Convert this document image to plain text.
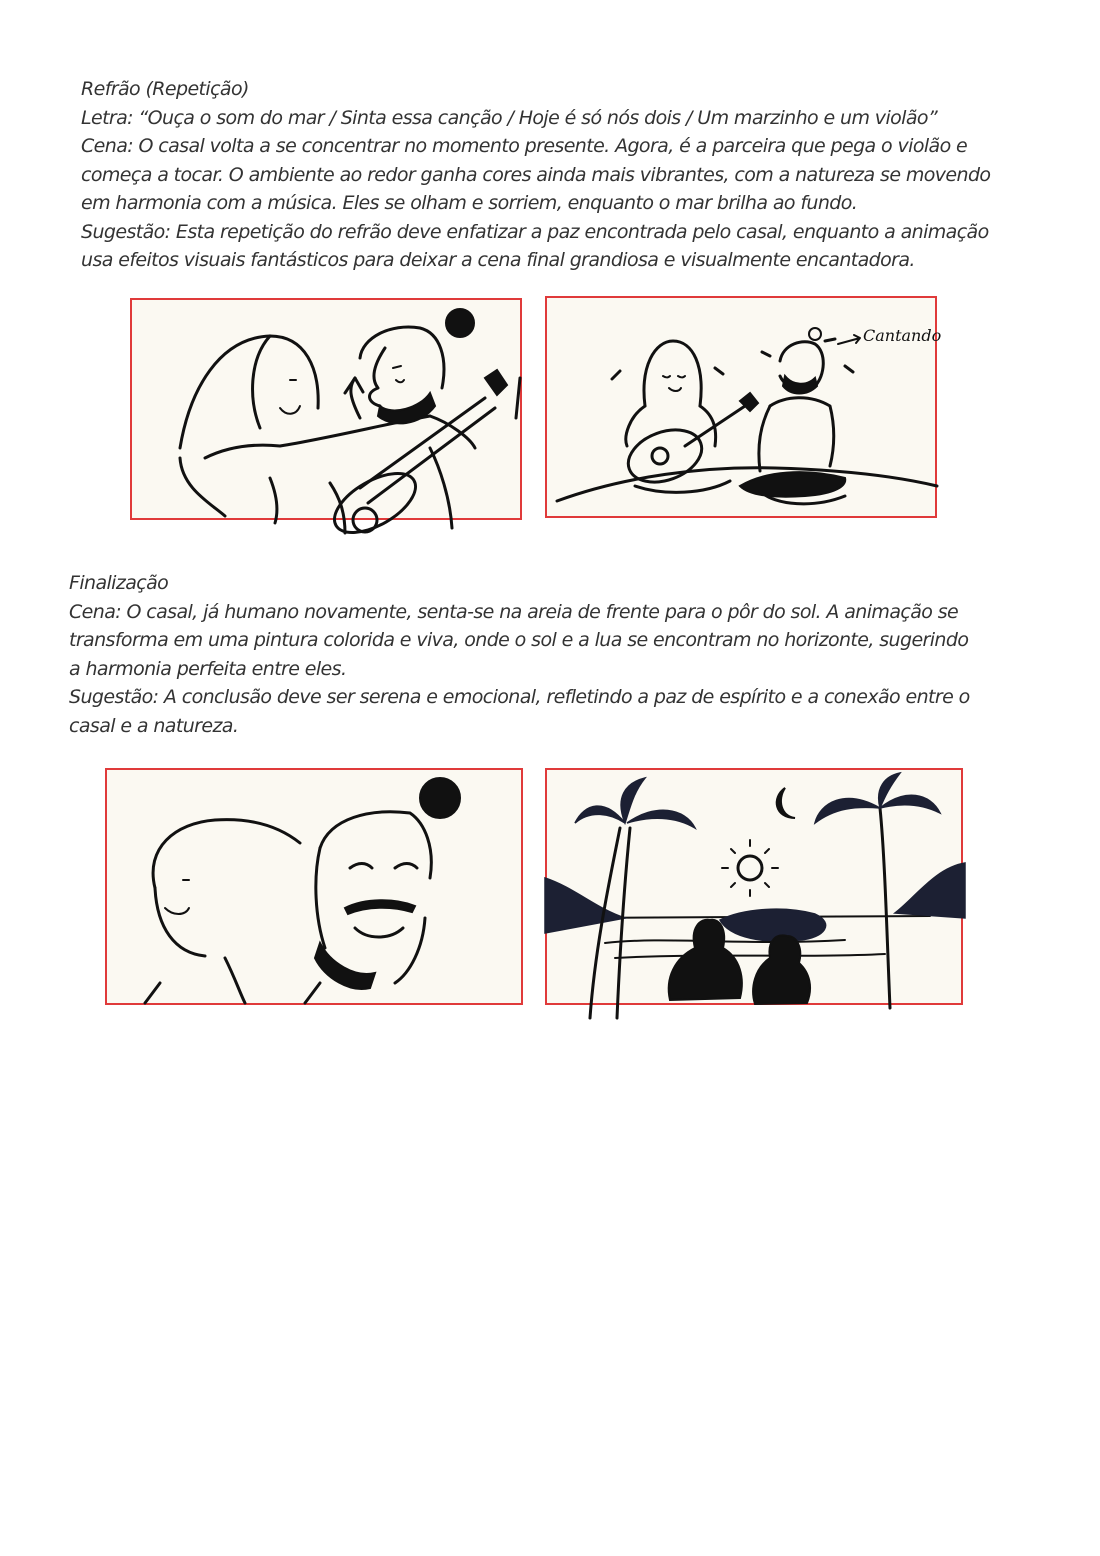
Refrão (Repetição)

Letra: “Ouça o som do mar / Sinta essa canção / Hoje é só nós dois / Um marzinho e um violão”

Cena: O casal volta a se concentrar no momento presente. Agora, é a parceira que pega o violão e

começa a tocar. O ambiente ao redor ganha cores ainda mais vibrantes, com a natureza se movendo

em harmonia com a música. Eles se olham e sorriem, enquanto o mar brilha ao fundo.

Sugestão: Esta repetição do refrão deve enfatizar a paz encontrada pelo casal, enquanto a animação

usa efeitos visuais fantásticos para deixar a cena final grandiosa e visualmente encantadora.

Cantando

Finalização

Cena: O casal, já humano novamente, senta-se na areia de frente para o pôr do sol. A animação se

transforma em uma pintura colorida e viva, onde o sol e a lua se encontram no horizonte, sugerindo

a harmonia perfeita entre eles.

Sugestão: A conclusão deve ser serena e emocional, refletindo a paz de espírito e a conexão entre o

casal e a natureza.
